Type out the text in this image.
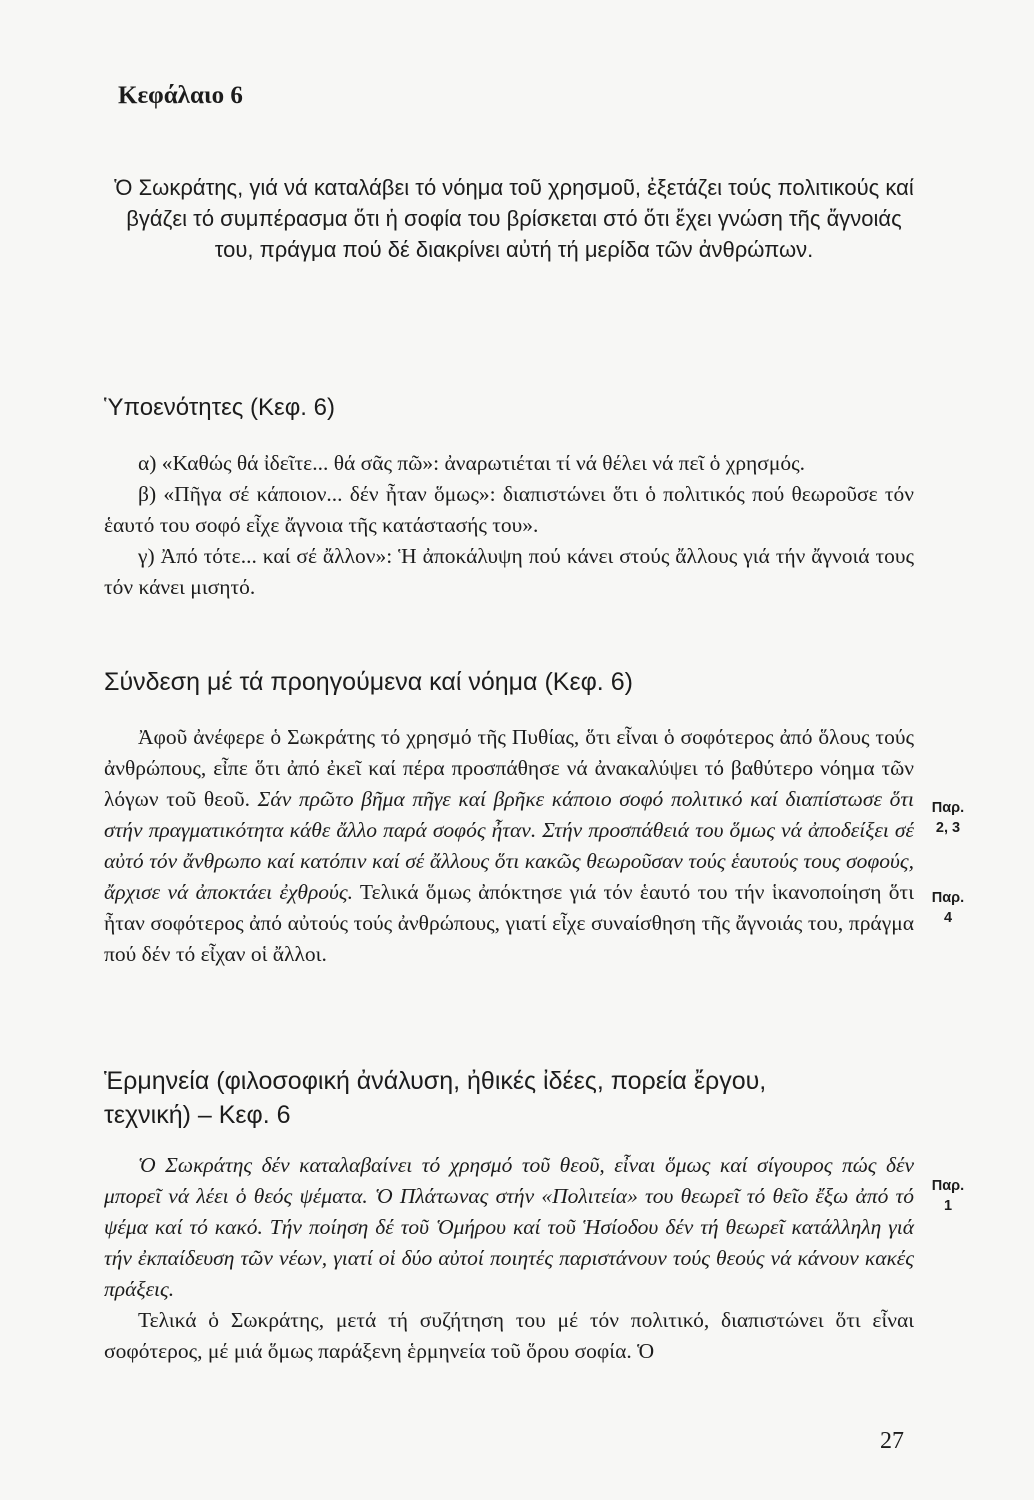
Κεφάλαιο 6
Ὁ Σωκράτης, γιά νά καταλάβει τό νόημα τοῦ χρησμοῦ, ἐξετάζει τούς πολιτικούς καί βγάζει τό συμπέρασμα ὅτι ἡ σοφία του βρίσκεται στό ὅτι ἔχει γνώση τῆς ἄγνοιάς του, πράγμα πού δέ διακρίνει αὐτή τή μερίδα τῶν ἀνθρώπων.
Ὑποενότητες (Κεφ. 6)
α) «Καθώς θά ἰδεῖτε... θά σᾶς πῶ»: ἀναρωτιέται τί νά θέλει νά πεῖ ὁ χρησμός.
β) «Πῆγα σέ κάποιον... δέν ἦταν ὅμως»: διαπιστώνει ὅτι ὁ πολιτικός πού θεωροῦσε τόν ἑαυτό του σοφό εἶχε ἄγνοια τῆς κατάστασής του».
γ) Ἀπό τότε... καί σέ ἄλλον»: Ἡ ἀποκάλυψη πού κάνει στούς ἄλλους γιά τήν ἄγνοιά τους τόν κάνει μισητό.
Σύνδεση μέ τά προηγούμενα καί νόημα (Κεφ. 6)
Ἀφοῦ ἀνέφερε ὁ Σωκράτης τό χρησμό τῆς Πυθίας, ὅτι εἶναι ὁ σοφότερος ἀπό ὅλους τούς ἀνθρώπους, εἶπε ὅτι ἀπό ἐκεῖ καί πέρα προσπάθησε νά ἀνακαλύψει τό βαθύτερο νόημα τῶν λόγων τοῦ θεοῦ. Σάν πρῶτο βῆμα πῆγε καί βρῆκε κάποιο σοφό πολιτικό καί διαπίστωσε ὅτι στήν πραγματικότητα κάθε ἄλλο παρά σοφός ἦταν. Στήν προσπάθειά του ὅμως νά ἀποδείξει σέ αὐτό τόν ἄνθρωπο καί κατόπιν καί σέ ἄλλους ὅτι κακῶς θεωροῦσαν τούς ἑαυτούς τους σοφούς, ἄρχισε νά ἀποκτάει ἐχθρούς. Τελικά ὅμως ἀπόκτησε γιά τόν ἑαυτό του τήν ἱκανοποίηση ὅτι ἦταν σοφότερος ἀπό αὐτούς τούς ἀνθρώπους, γιατί εἶχε συναίσθηση τῆς ἄγνοιάς του, πράγμα πού δέν τό εἶχαν οἱ ἄλλοι.
Παρ.
2, 3
Παρ.
4
Ἑρμηνεία (φιλοσοφική ἀνάλυση, ἠθικές ἰδέες, πορεία ἔργου,
τεχνική) – Κεφ. 6
Ὁ Σωκράτης δέν καταλαβαίνει τό χρησμό τοῦ θεοῦ, εἶναι ὅμως καί σίγουρος πώς δέν μπορεῖ νά λέει ὁ θεός ψέματα. Ὁ Πλάτωνας στήν «Πολιτεία» του θεωρεῖ τό θεῖο ἔξω ἀπό τό ψέμα καί τό κακό. Τήν ποίηση δέ τοῦ Ὁμήρου καί τοῦ Ἡσίοδου δέν τή θεωρεῖ κατάλληλη γιά τήν ἐκπαίδευση τῶν νέων, γιατί οἱ δύο αὐτοί ποιητές παριστάνουν τούς θεούς νά κάνουν κακές πράξεις.
Τελικά ὁ Σωκράτης, μετά τή συζήτηση του μέ τόν πολιτικό, διαπιστώνει ὅτι εἶναι σοφότερος, μέ μιά ὅμως παράξενη ἑρμηνεία τοῦ ὅρου σοφία. Ὁ
Παρ.
1
27
